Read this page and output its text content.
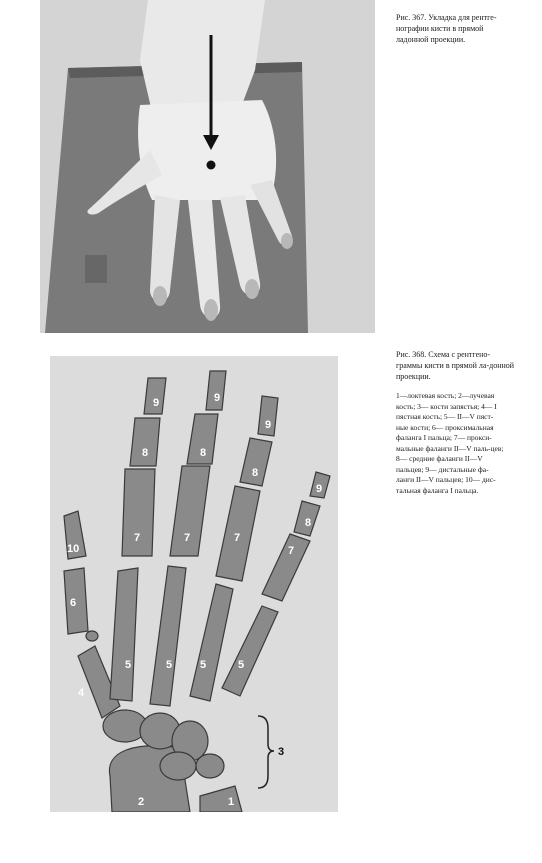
Рис. 367. Укладка для рентге-нографии кисти в прямой ладонной проекции.
1
2
3
4
5	5	5	5
6
7	7	7
7
8	8
8
8
9	9
9
9
10
Рис. 368. Схема с рентгено-граммы кисти в прямой ла-донной проекции.
1—локтевая кость; 2—лучевая кость; 3— кости запястья; 4— I пястная кость; 5— II—V пяст-ные кости; 6— проксимальная фаланга I пальца; 7— прокси-мальные фаланги II—V паль-цев; 8— средние фаланги II—V пальцев; 9— дистальные фа-ланги II—V пальцев; 10— дис-тальная фаланга I пальца.
